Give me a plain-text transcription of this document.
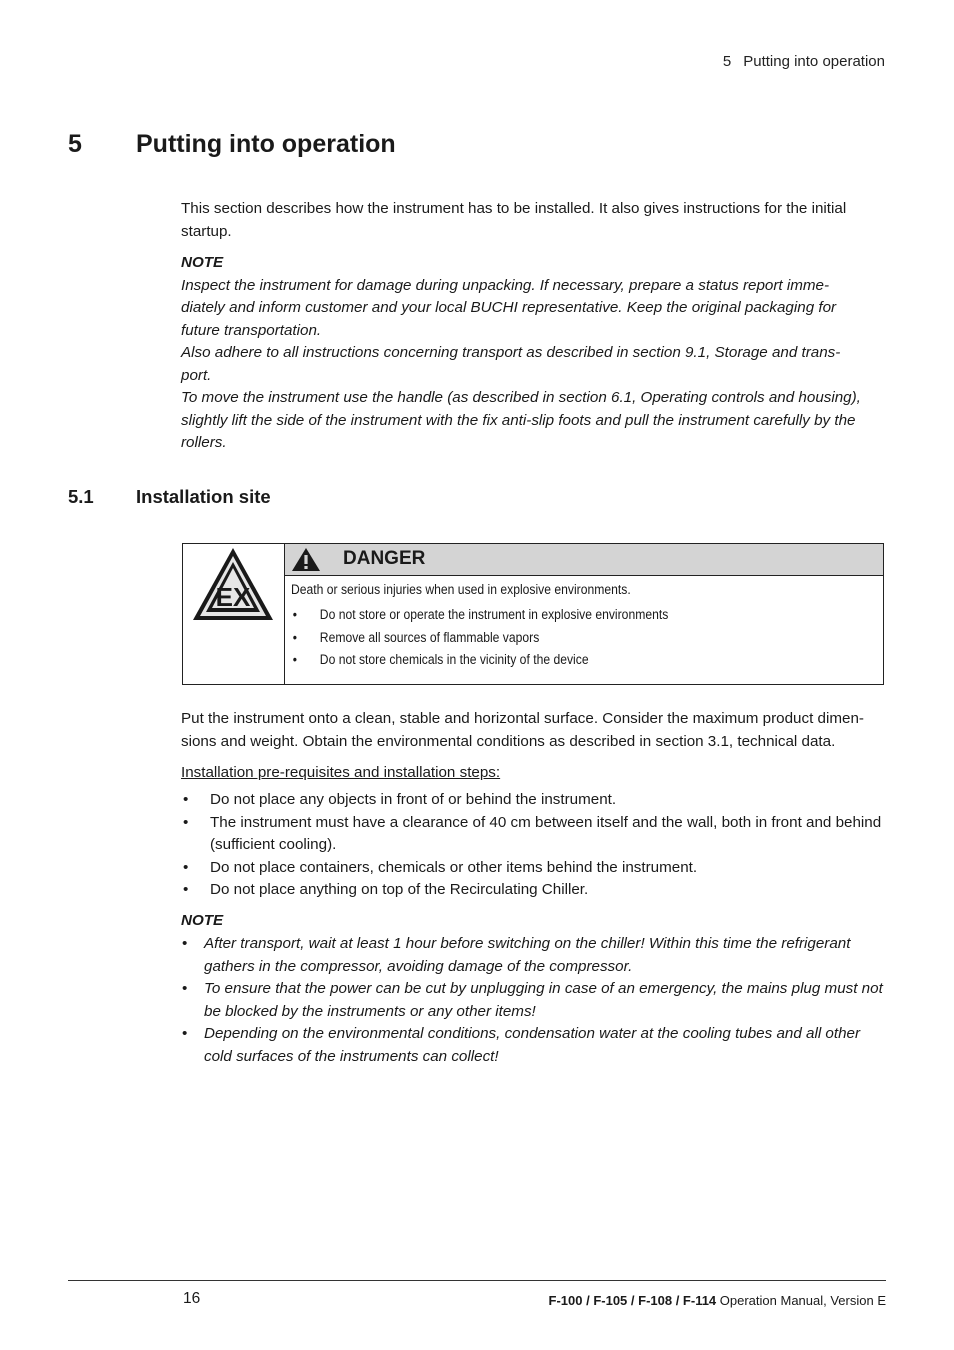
5 Putting into operation
5 Putting into operation
This section describes how the instrument has to be installed. It also gives instructions for the initial startup.
NOTE
Inspect the instrument for damage during unpacking. If necessary, prepare a status report imme-
diately and inform customer and your local BUCHI representative. Keep the original packaging for
future transportation.
Also adhere to all instructions concerning transport as described in section 9.1, Storage and trans-
port.
To move the instrument use the handle (as described in section 6.1, Operating controls and housing),
slightly lift the side of the instrument with the fix anti-slip foots and pull the instrument carefully by the
rollers.
5.1 Installation site
EX
DANGER
Death or serious injuries when used in explosive environments.
• Do not store or operate the instrument in explosive environments
• Remove all sources of flammable vapors
• Do not store chemicals in the vicinity of the device
Put the instrument onto a clean, stable and horizontal surface. Consider the maximum product dimen-
sions and weight. Obtain the environmental conditions as described in section 3.1, technical data.
Installation pre-requisites and installation steps:
• Do not place any objects in front of or behind the instrument.
• The instrument must have a clearance of 40 cm between itself and the wall, both in front and behind (sufficient cooling).
• Do not place containers, chemicals or other items behind the instrument.
• Do not place anything on top of the Recirculating Chiller.
NOTE
• After transport, wait at least 1 hour before switching on the chiller! Within this time the refrigerant gathers in the compressor, avoiding damage of the compressor.
• To ensure that the power can be cut by unplugging in case of an emergency, the mains plug must not be blocked by the instruments or any other items!
• Depending on the environmental conditions, condensation water at the cooling tubes and all other cold surfaces of the instruments can collect!
16	F-100 / F-105 / F-108 / F-114 Operation Manual, Version E
